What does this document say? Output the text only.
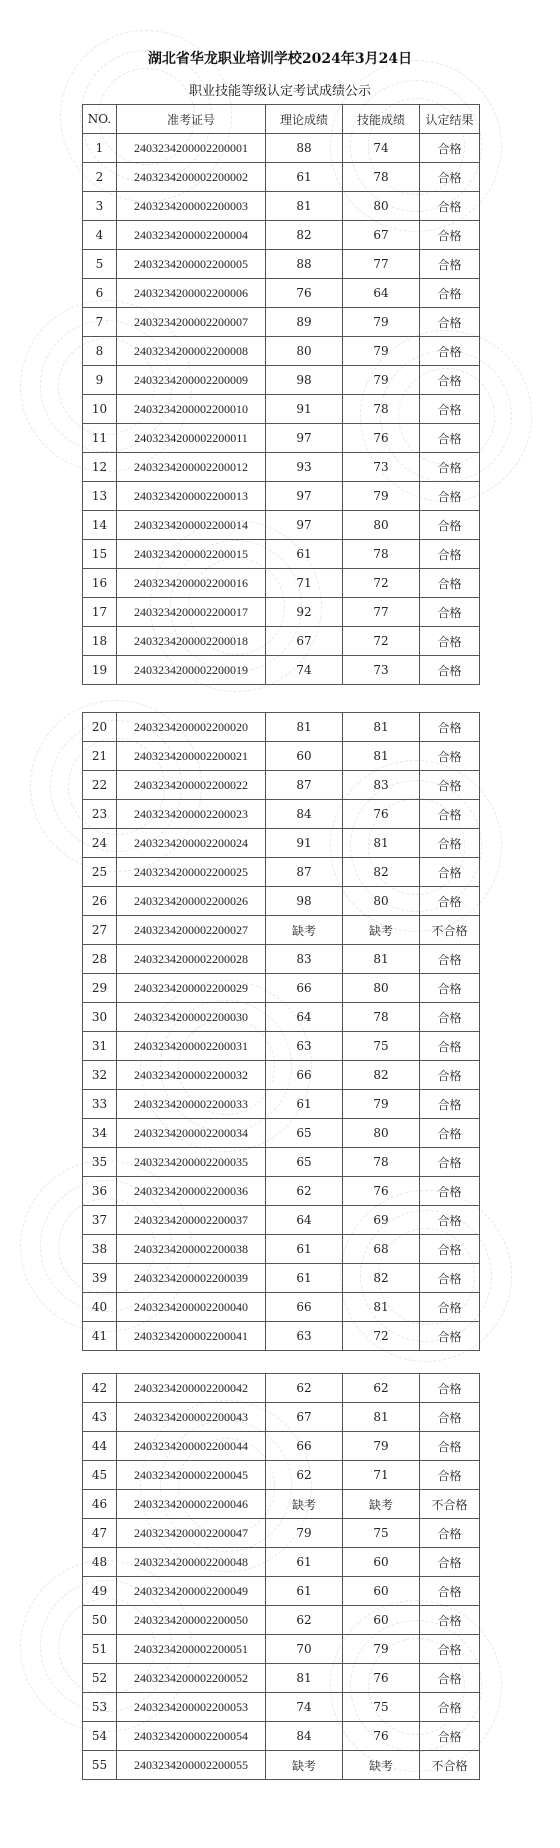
湖北省华龙职业培训学校2024年3月24日
职业技能等级认定考试成绩公示
NO.	准考证号	理论成绩	技能成绩	认定结果
1	2403234200002200001	88	74	合格
2	2403234200002200002	61	78	合格
3	2403234200002200003	81	80	合格
4	2403234200002200004	82	67	合格
5	2403234200002200005	88	77	合格
6	2403234200002200006	76	64	合格
7	2403234200002200007	89	79	合格
8	2403234200002200008	80	79	合格
9	2403234200002200009	98	79	合格
10	2403234200002200010	91	78	合格
11	2403234200002200011	97	76	合格
12	2403234200002200012	93	73	合格
13	2403234200002200013	97	79	合格
14	2403234200002200014	97	80	合格
15	2403234200002200015	61	78	合格
16	2403234200002200016	71	72	合格
17	2403234200002200017	92	77	合格
18	2403234200002200018	67	72	合格
19	2403234200002200019	74	73	合格
20	2403234200002200020	81	81	合格
21	2403234200002200021	60	81	合格
22	2403234200002200022	87	83	合格
23	2403234200002200023	84	76	合格
24	2403234200002200024	91	81	合格
25	2403234200002200025	87	82	合格
26	2403234200002200026	98	80	合格
27	2403234200002200027	缺考	缺考	不合格
28	2403234200002200028	83	81	合格
29	2403234200002200029	66	80	合格
30	2403234200002200030	64	78	合格
31	2403234200002200031	63	75	合格
32	2403234200002200032	66	82	合格
33	2403234200002200033	61	79	合格
34	2403234200002200034	65	80	合格
35	2403234200002200035	65	78	合格
36	2403234200002200036	62	76	合格
37	2403234200002200037	64	69	合格
38	2403234200002200038	61	68	合格
39	2403234200002200039	61	82	合格
40	2403234200002200040	66	81	合格
41	2403234200002200041	63	72	合格
42	2403234200002200042	62	62	合格
43	2403234200002200043	67	81	合格
44	2403234200002200044	66	79	合格
45	2403234200002200045	62	71	合格
46	2403234200002200046	缺考	缺考	不合格
47	2403234200002200047	79	75	合格
48	2403234200002200048	61	60	合格
49	2403234200002200049	61	60	合格
50	2403234200002200050	62	60	合格
51	2403234200002200051	70	79	合格
52	2403234200002200052	81	76	合格
53	2403234200002200053	74	75	合格
54	2403234200002200054	84	76	合格
55	2403234200002200055	缺考	缺考	不合格
